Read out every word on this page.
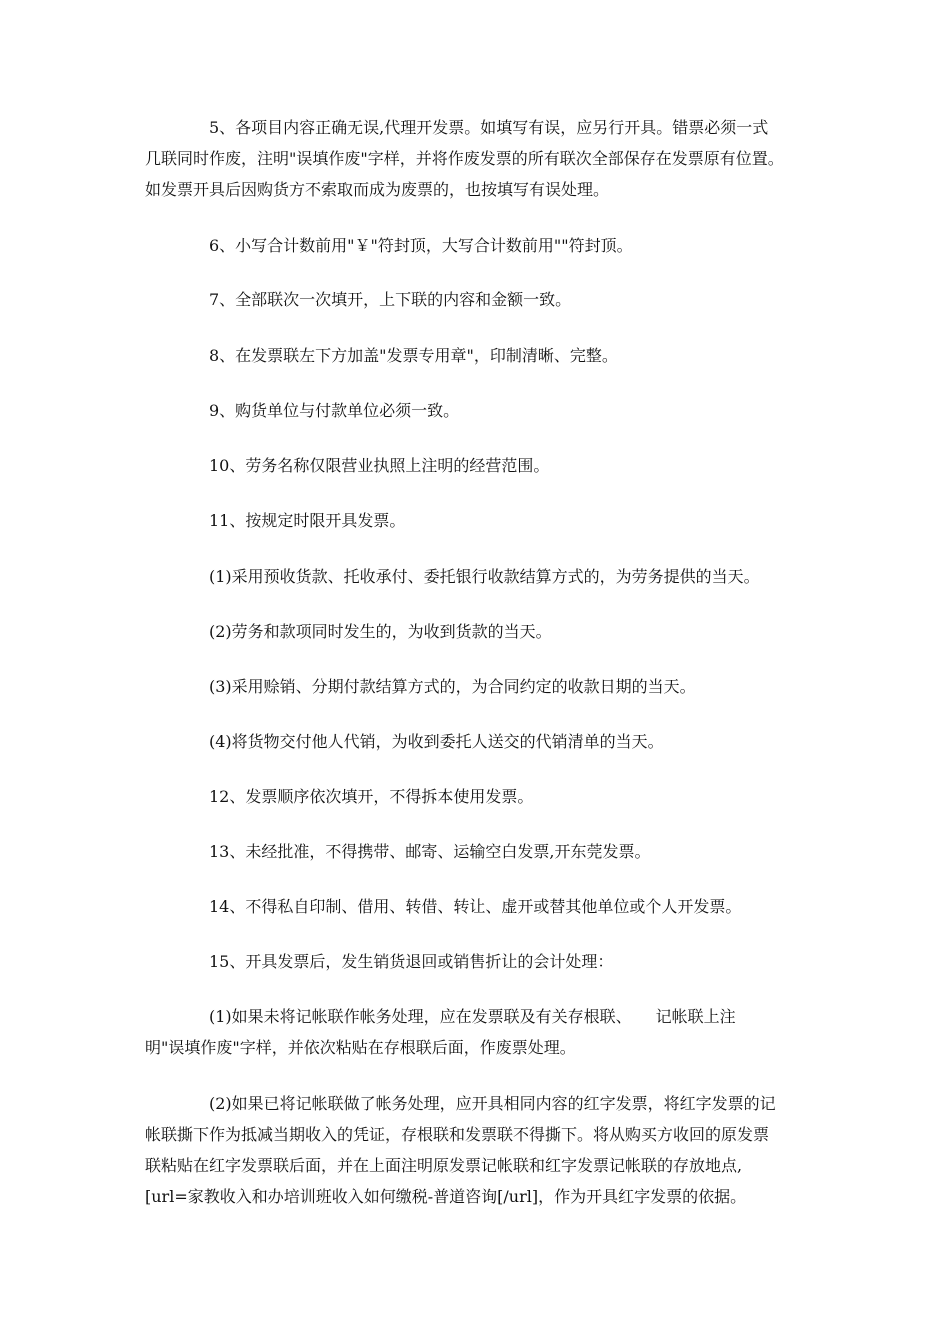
5、各项目内容正确无误,代理开发票。如填写有误，应另行开具。错票必须一式
几联同时作废，注明"误填作废"字样，并将作废发票的所有联次全部保存在发票原有位置。
如发票开具后因购货方不索取而成为废票的，也按填写有误处理。

6、小写合计数前用"￥"符封顶，大写合计数前用""符封顶。

7、全部联次一次填开，上下联的内容和金额一致。

8、在发票联左下方加盖"发票专用章"，印制清晰、完整。

9、购货单位与付款单位必须一致。

10、劳务名称仅限营业执照上注明的经营范围。

11、按规定时限开具发票。

(1)采用预收货款、托收承付、委托银行收款结算方式的，为劳务提供的当天。

(2)劳务和款项同时发生的，为收到货款的当天。

(3)采用赊销、分期付款结算方式的，为合同约定的收款日期的当天。

(4)将货物交付他人代销，为收到委托人送交的代销清单的当天。

12、发票顺序依次填开，不得拆本使用发票。

13、未经批准，不得携带、邮寄、运输空白发票,开东莞发票。

14、不得私自印制、借用、转借、转让、虚开或替其他单位或个人开发票。

15、开具发票后，发生销货退回或销售折让的会计处理：

(1)如果未将记帐联作帐务处理，应在发票联及有关存根联、　　记帐联上注
明"误填作废"字样，并依次粘贴在存根联后面，作废票处理。
(2)如果已将记帐联做了帐务处理，应开具相同内容的红字发票，将红字发票的记
帐联撕下作为抵减当期收入的凭证，存根联和发票联不得撕下。将从购买方收回的原发票
联粘贴在红字发票联后面，并在上面注明原发票记帐联和红字发票记帐联的存放地点,
[url=家教收入和办培训班收入如何缴税-普道咨询[/url]，作为开具红字发票的依据。
